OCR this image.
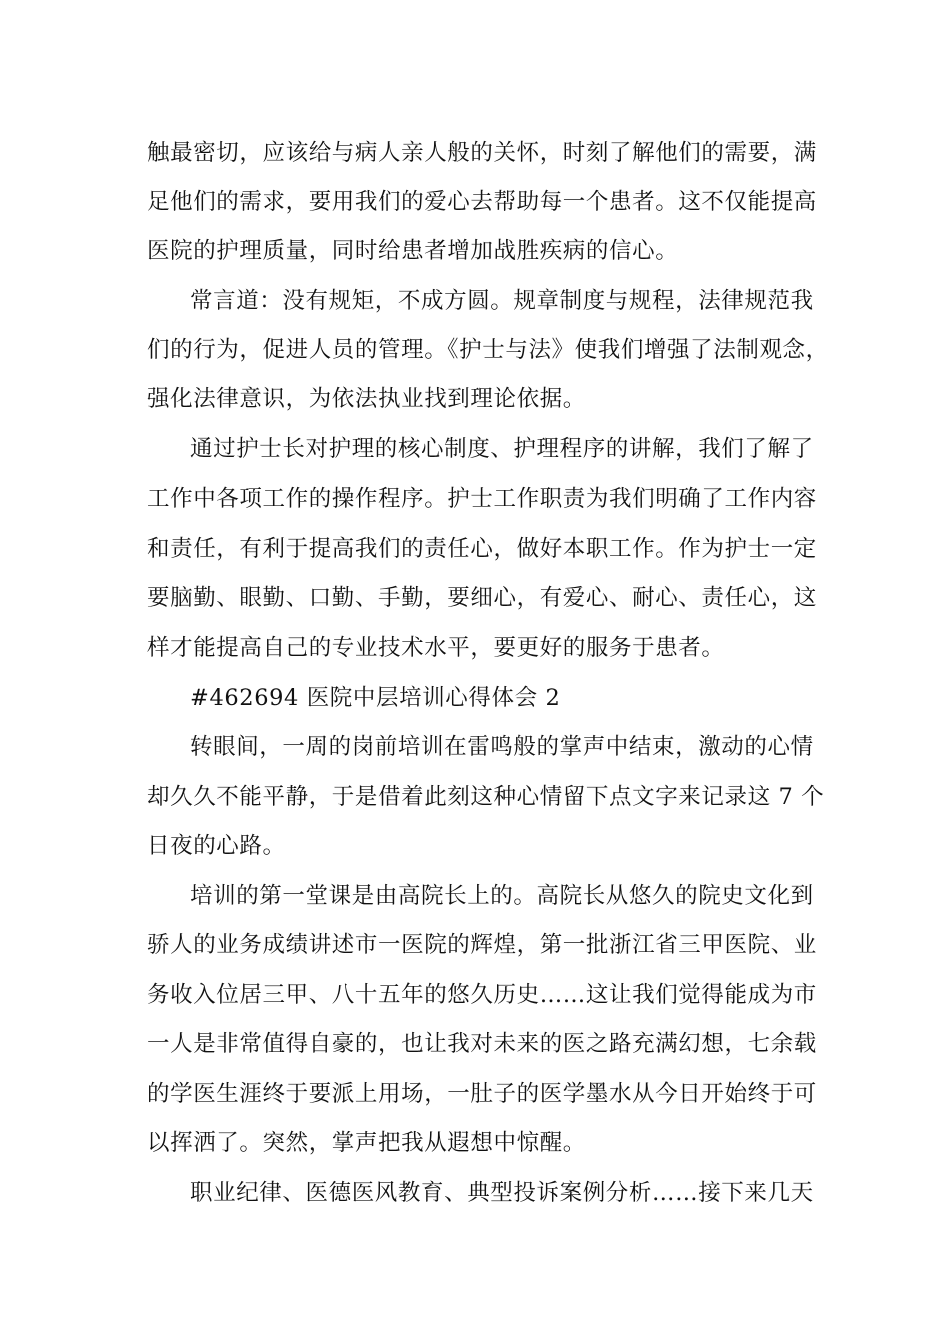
触最密切，应该给与病人亲人般的关怀，时刻了解他们的需要，满
足他们的需求，要用我们的爱心去帮助每一个患者。这不仅能提高
医院的护理质量，同时给患者增加战胜疾病的信心。
常言道：没有规矩，不成方圆。规章制度与规程，法律规范我
们的行为，促进人员的管理。《护士与法》使我们增强了法制观念，
强化法律意识，为依法执业找到理论依据。
通过护士长对护理的核心制度、护理程序的讲解，我们了解了
工作中各项工作的操作程序。护士工作职责为我们明确了工作内容
和责任，有利于提高我们的责任心，做好本职工作。作为护士一定
要脑勤、眼勤、口勤、手勤，要细心，有爱心、耐心、责任心，这
样才能提高自己的专业技术水平，要更好的服务于患者。
#462694 医院中层培训心得体会 2
转眼间，一周的岗前培训在雷鸣般的掌声中结束，激动的心情
却久久不能平静，于是借着此刻这种心情留下点文字来记录这 7 个
日夜的心路。
培训的第一堂课是由高院长上的。高院长从悠久的院史文化到
骄人的业务成绩讲述市一医院的辉煌，第一批浙江省三甲医院、业
务收入位居三甲、八十五年的悠久历史……这让我们觉得能成为市
一人是非常值得自豪的，也让我对未来的医之路充满幻想，七余载
的学医生涯终于要派上用场，一肚子的医学墨水从今日开始终于可
以挥洒了。突然，掌声把我从遐想中惊醒。
职业纪律、医德医风教育、典型投诉案例分析……接下来几天
